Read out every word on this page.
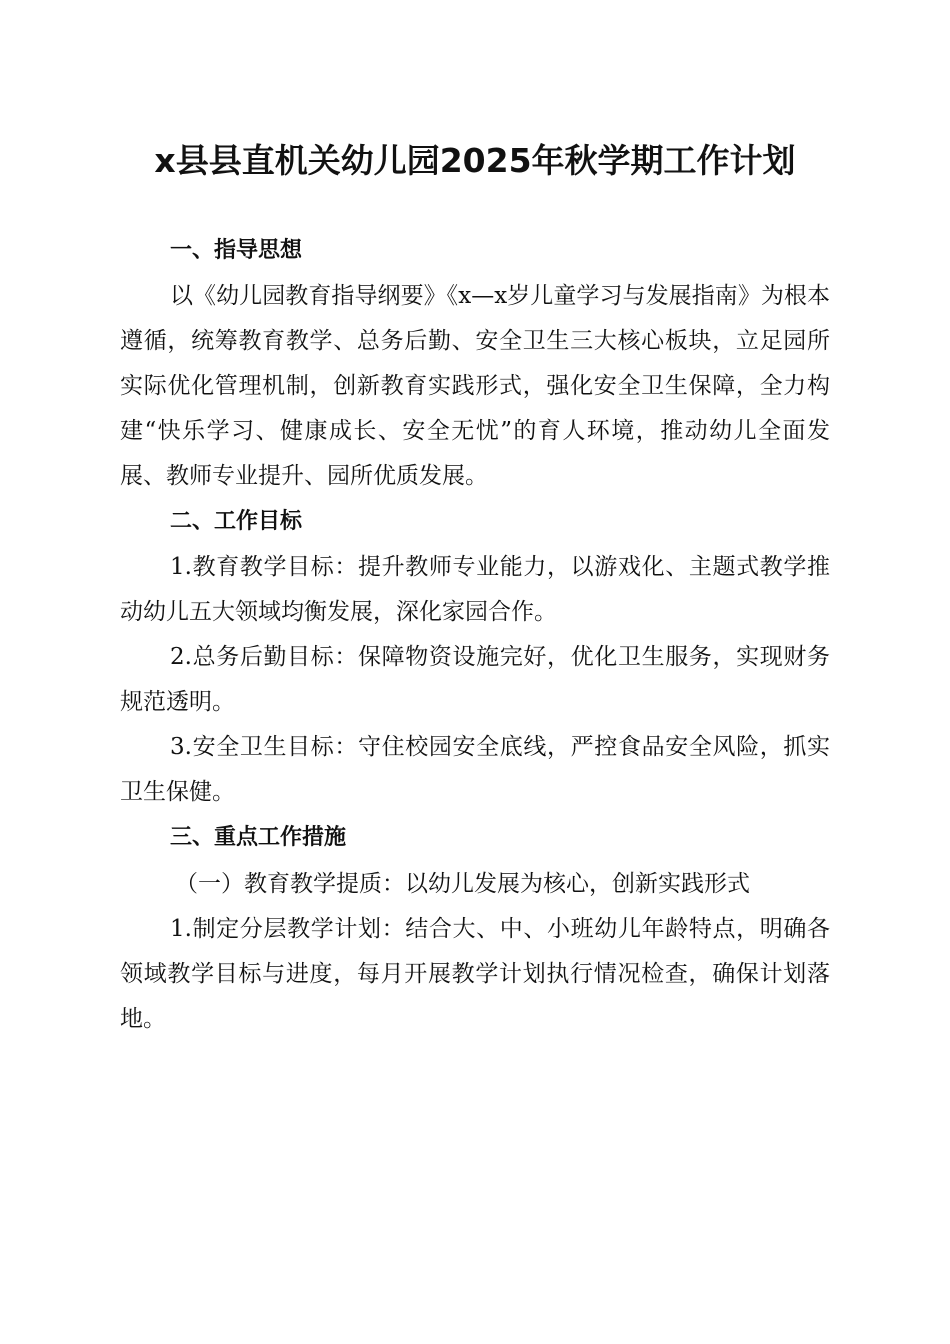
x县县直机关幼儿园2025年秋学期工作计划
一、指导思想

以《幼儿园教育指导纲要》《x—x岁儿童学习与发展指南》为根本遵循，统筹教育教学、总务后勤、安全卫生三大核心板块，立足园所实际优化管理机制，创新教育实践形式，强化安全卫生保障，全力构建“快乐学习、健康成长、安全无忧”的育人环境，推动幼儿全面发展、教师专业提升、园所优质发展。

二、工作目标

1.教育教学目标：提升教师专业能力，以游戏化、主题式教学推动幼儿五大领域均衡发展，深化家园合作。

2.总务后勤目标：保障物资设施完好，优化卫生服务，实现财务规范透明。

3.安全卫生目标：守住校园安全底线，严控食品安全风险，抓实卫生保健。

三、重点工作措施
（一）教育教学提质：以幼儿发展为核心，创新实践形式

1.制定分层教学计划：结合大、中、小班幼儿年龄特点，明确各领域教学目标与进度，每月开展教学计划执行情况检查，确保计划落地。
